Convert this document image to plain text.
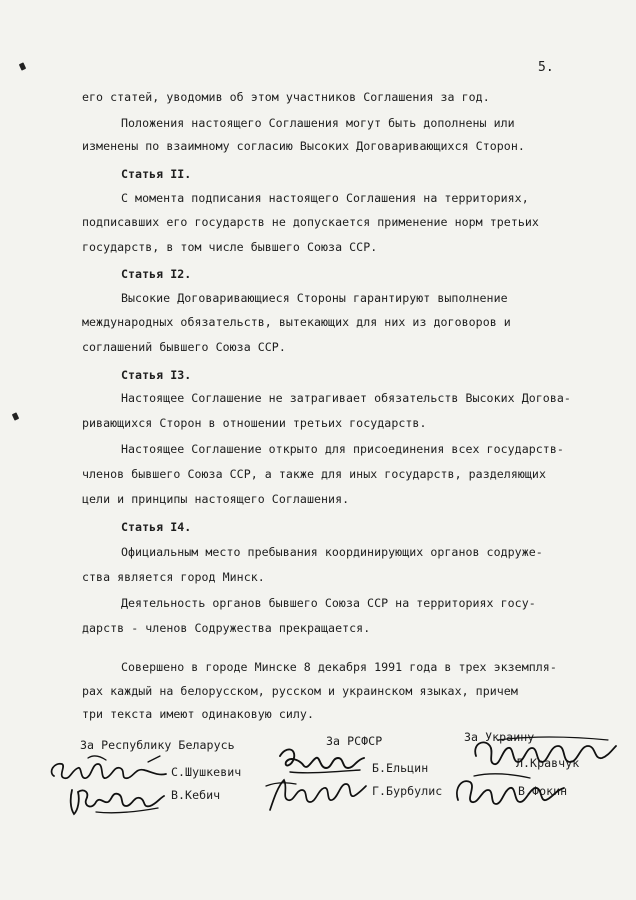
5.
его статей, уводомив об этом участников Соглашения за год.
Положения настоящего Соглашения могут быть дополнены или
изменены по взаимному согласию Высоких Договаривающихся Сторон.
Статья II.
С момента подписания настоящего Соглашения на территориях,
подписавших его государств не допускается применение норм третьих
государств, в том числе бывшего Союза ССР.
Статья I2.
Высокие Договаривающиеся Стороны гарантируют выполнение
международных обязательств, вытекающих для них из договоров и
соглашений бывшего Союза ССР.
Статья I3.
Настоящее Соглашение не затрагивает обязательств Высоких Догова-
ривающихся Сторон в отношении третьих государств.
Настоящее Соглашение открыто для присоединения всех государств-
членов бывшего Союза ССР, а также для иных государств, разделяющих
цели и принципы настоящего Соглашения.
Статья I4.
Официальным место пребывания координирующих органов содруже-
ства является город Минск.
Деятельность органов бывшего Союза ССР на территориях госу-
дарств - членов Содружества прекращается.
Совершено в городе Минске 8 декабря 1991 года в трех экземпля-
рах каждый на белорусском, русском и украинском языках, причем
три текста имеют одинаковую силу.
За Республику Беларусь	За РСФСР	За Украину
С.Шушкевич
В.Кебич
Б.Ельцин
Г.Бурбулис
Л.Кравчук
В.Фокин
